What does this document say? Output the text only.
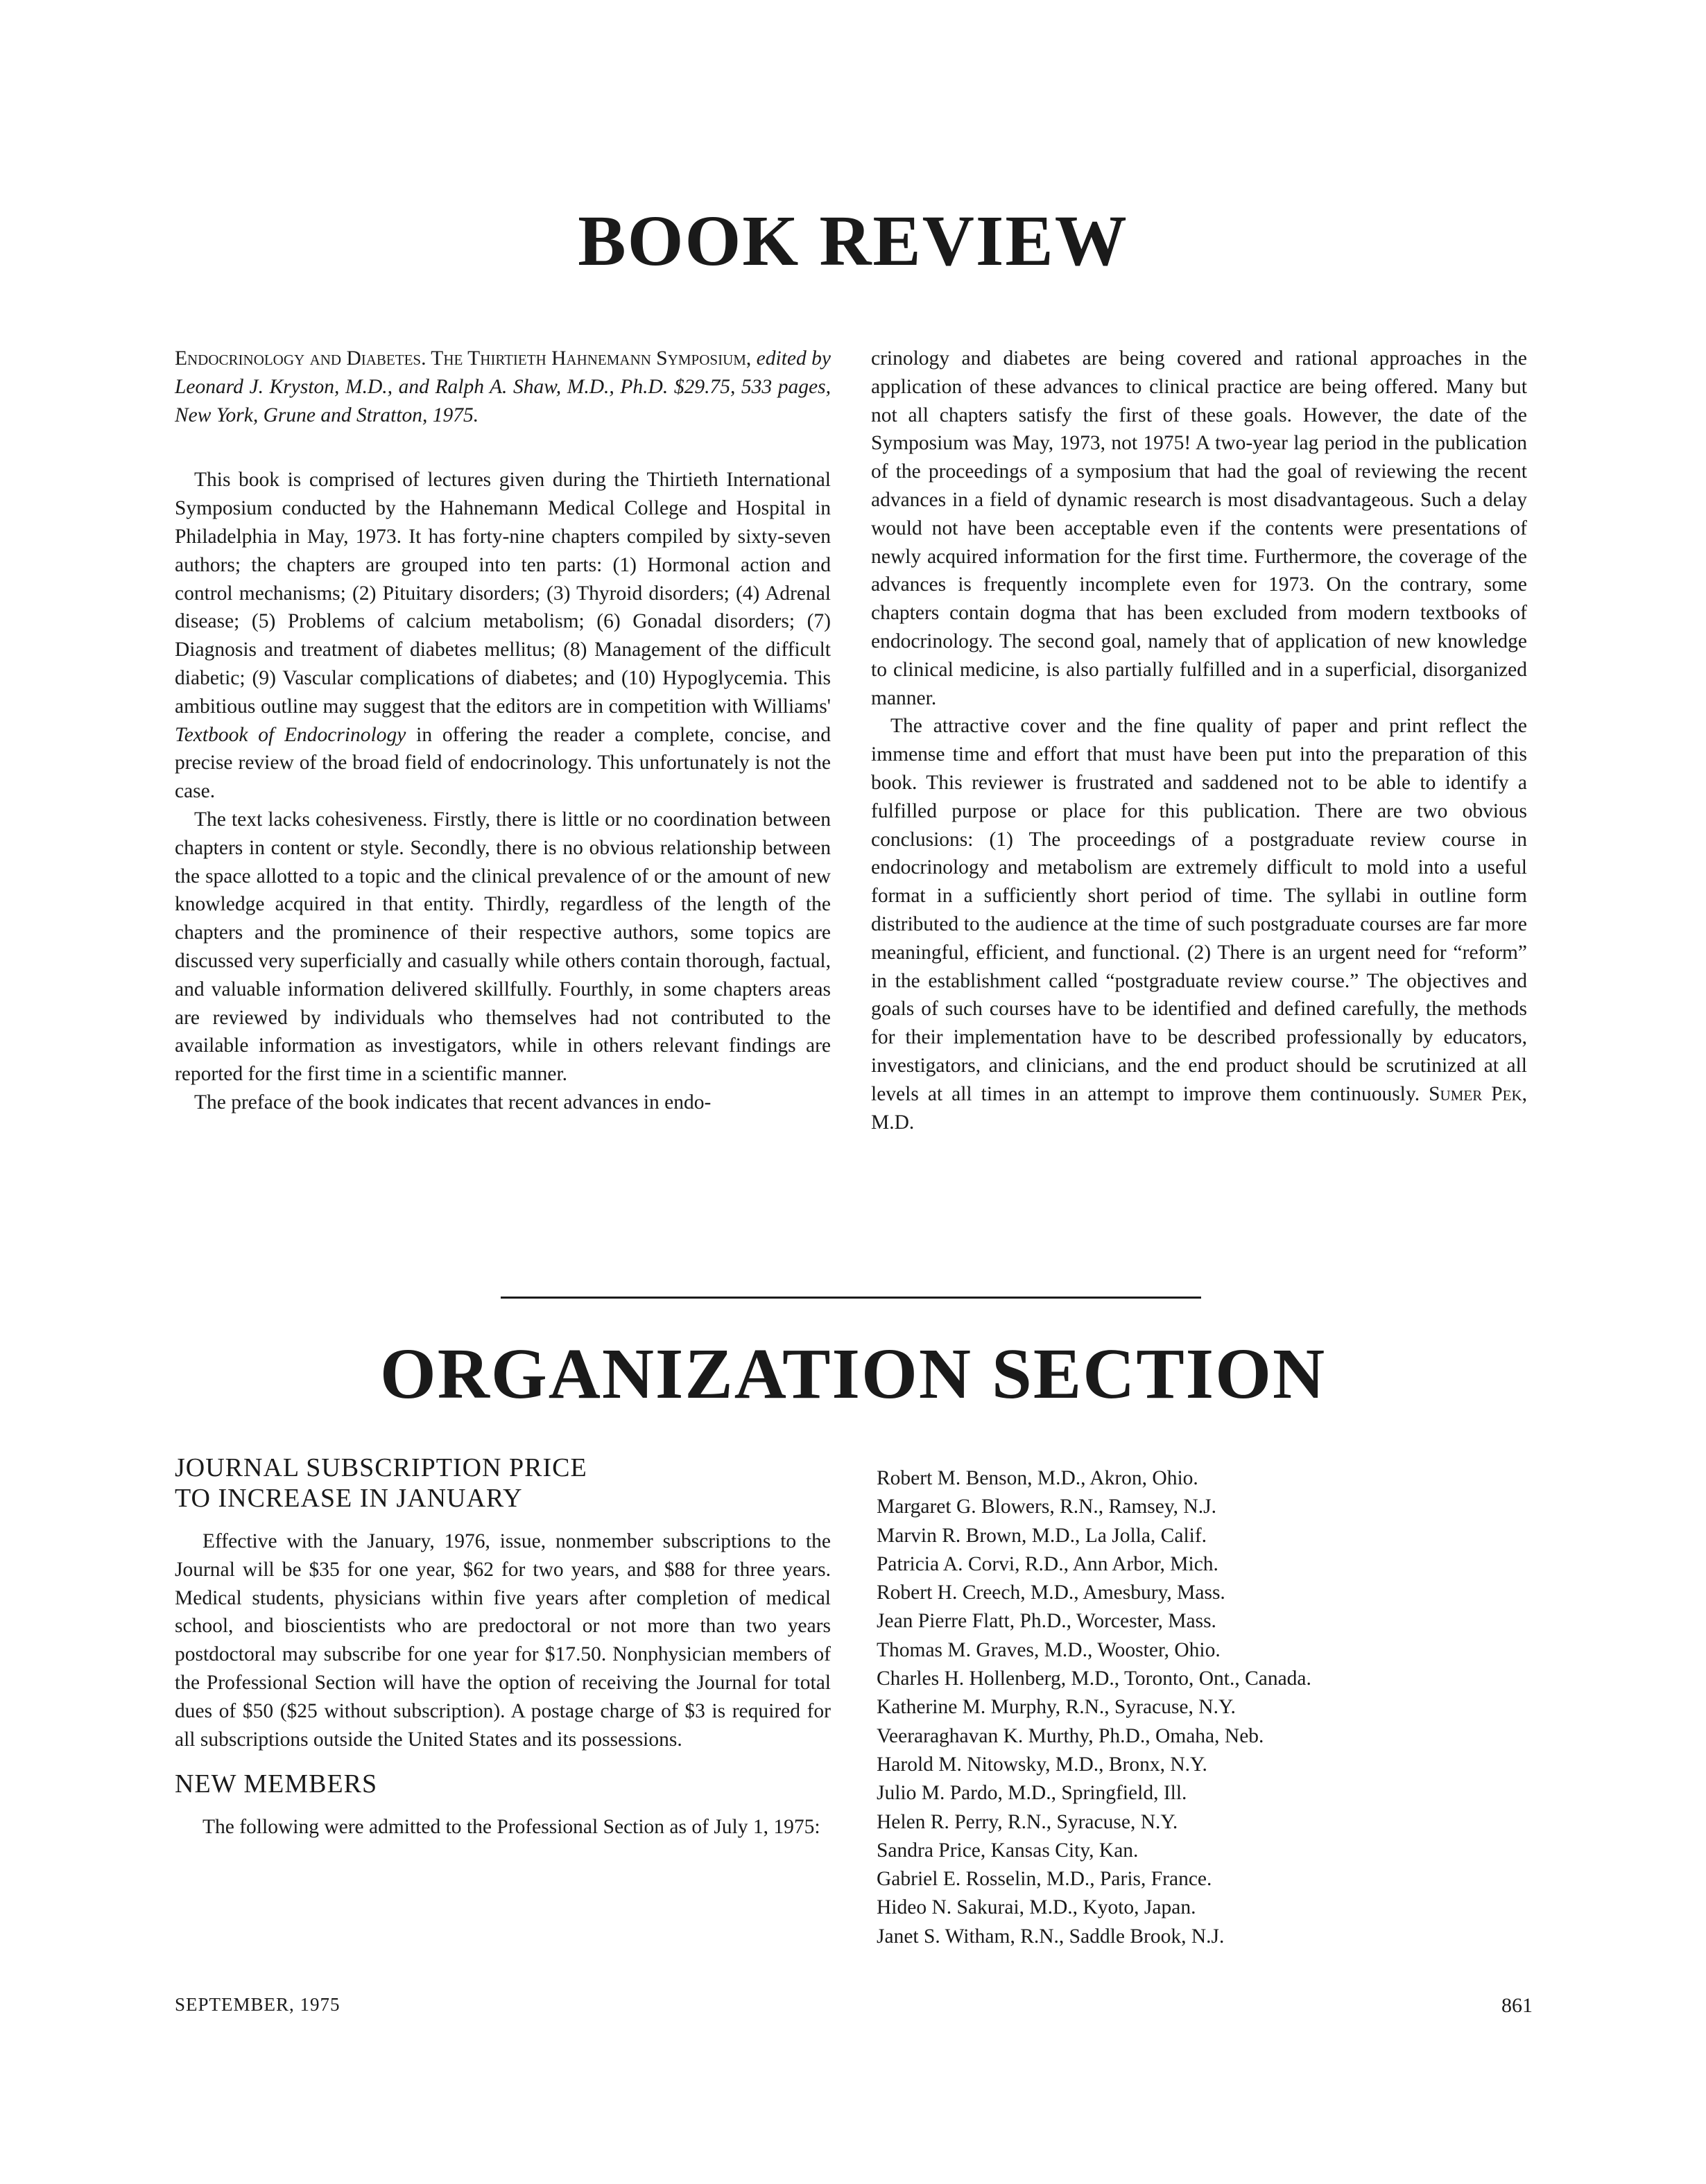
BOOK REVIEW

Endocrinology and Diabetes. The Thirtieth Hahnemann Symposium, edited by Leonard J. Kryston, M.D., and Ralph A. Shaw, M.D., Ph.D. $29.75, 533 pages, New York, Grune and Stratton, 1975.

This book is comprised of lectures given during the Thirtieth International Symposium conducted by the Hahnemann Medical College and Hospital in Philadelphia in May, 1973. It has forty-nine chapters compiled by sixty-seven authors; the chapters are grouped into ten parts: (1) Hormonal action and control mechanisms; (2) Pituitary disorders; (3) Thyroid disorders; (4) Adrenal disease; (5) Problems of calcium metabolism; (6) Gonadal disorders; (7) Diagnosis and treatment of diabetes mellitus; (8) Management of the difficult diabetic; (9) Vascular complications of diabetes; and (10) Hypoglycemia. This ambitious outline may suggest that the editors are in competition with Williams' Textbook of Endocrinology in offering the reader a complete, concise, and precise review of the broad field of endocrinology. This unfortunately is not the case.

The text lacks cohesiveness. Firstly, there is little or no coordination between chapters in content or style. Secondly, there is no obvious relationship between the space allotted to a topic and the clinical prevalence of or the amount of new knowledge acquired in that entity. Thirdly, regardless of the length of the chapters and the prominence of their respective authors, some topics are discussed very superficially and casually while others contain thorough, factual, and valuable information delivered skillfully. Fourthly, in some chapters areas are reviewed by individuals who themselves had not contributed to the available information as investigators, while in others relevant findings are reported for the first time in a scientific manner.

The preface of the book indicates that recent advances in endo-

crinology and diabetes are being covered and rational approaches in the application of these advances to clinical practice are being offered. Many but not all chapters satisfy the first of these goals. However, the date of the Symposium was May, 1973, not 1975! A two-year lag period in the publication of the proceedings of a symposium that had the goal of reviewing the recent advances in a field of dynamic research is most disadvantageous. Such a delay would not have been acceptable even if the contents were presentations of newly acquired information for the first time. Furthermore, the coverage of the advances is frequently incomplete even for 1973. On the contrary, some chapters contain dogma that has been excluded from modern textbooks of endocrinology. The second goal, namely that of application of new knowledge to clinical medicine, is also partially fulfilled and in a superficial, disorganized manner.

The attractive cover and the fine quality of paper and print reflect the immense time and effort that must have been put into the preparation of this book. This reviewer is frustrated and saddened not to be able to identify a fulfilled purpose or place for this publication. There are two obvious conclusions: (1) The proceedings of a postgraduate review course in endocrinology and metabolism are extremely difficult to mold into a useful format in a sufficiently short period of time. The syllabi in outline form distributed to the audience at the time of such postgraduate courses are far more meaningful, efficient, and functional. (2) There is an urgent need for “reform” in the establishment called “postgraduate review course.” The objectives and goals of such courses have to be identified and defined carefully, the methods for their implementation have to be described professionally by educators, investigators, and clinicians, and the end product should be scrutinized at all levels at all times in an attempt to improve them continuously. Sumer Pek, M.D.

ORGANIZATION SECTION

JOURNAL SUBSCRIPTION PRICE
TO INCREASE IN JANUARY

Effective with the January, 1976, issue, nonmember subscriptions to the Journal will be $35 for one year, $62 for two years, and $88 for three years. Medical students, physicians within five years after completion of medical school, and bioscientists who are predoctoral or not more than two years postdoctoral may subscribe for one year for $17.50. Nonphysician members of the Professional Section will have the option of receiving the Journal for total dues of $50 ($25 without subscription). A postage charge of $3 is required for all subscriptions outside the United States and its possessions.

NEW MEMBERS

The following were admitted to the Professional Section as of July 1, 1975:

Robert M. Benson, M.D., Akron, Ohio.
Margaret G. Blowers, R.N., Ramsey, N.J.
Marvin R. Brown, M.D., La Jolla, Calif.
Patricia A. Corvi, R.D., Ann Arbor, Mich.
Robert H. Creech, M.D., Amesbury, Mass.
Jean Pierre Flatt, Ph.D., Worcester, Mass.
Thomas M. Graves, M.D., Wooster, Ohio.
Charles H. Hollenberg, M.D., Toronto, Ont., Canada.
Katherine M. Murphy, R.N., Syracuse, N.Y.
Veeraraghavan K. Murthy, Ph.D., Omaha, Neb.
Harold M. Nitowsky, M.D., Bronx, N.Y.
Julio M. Pardo, M.D., Springfield, Ill.
Helen R. Perry, R.N., Syracuse, N.Y.
Sandra Price, Kansas City, Kan.
Gabriel E. Rosselin, M.D., Paris, France.
Hideo N. Sakurai, M.D., Kyoto, Japan.
Janet S. Witham, R.N., Saddle Brook, N.J.
SEPTEMBER, 1975	861
